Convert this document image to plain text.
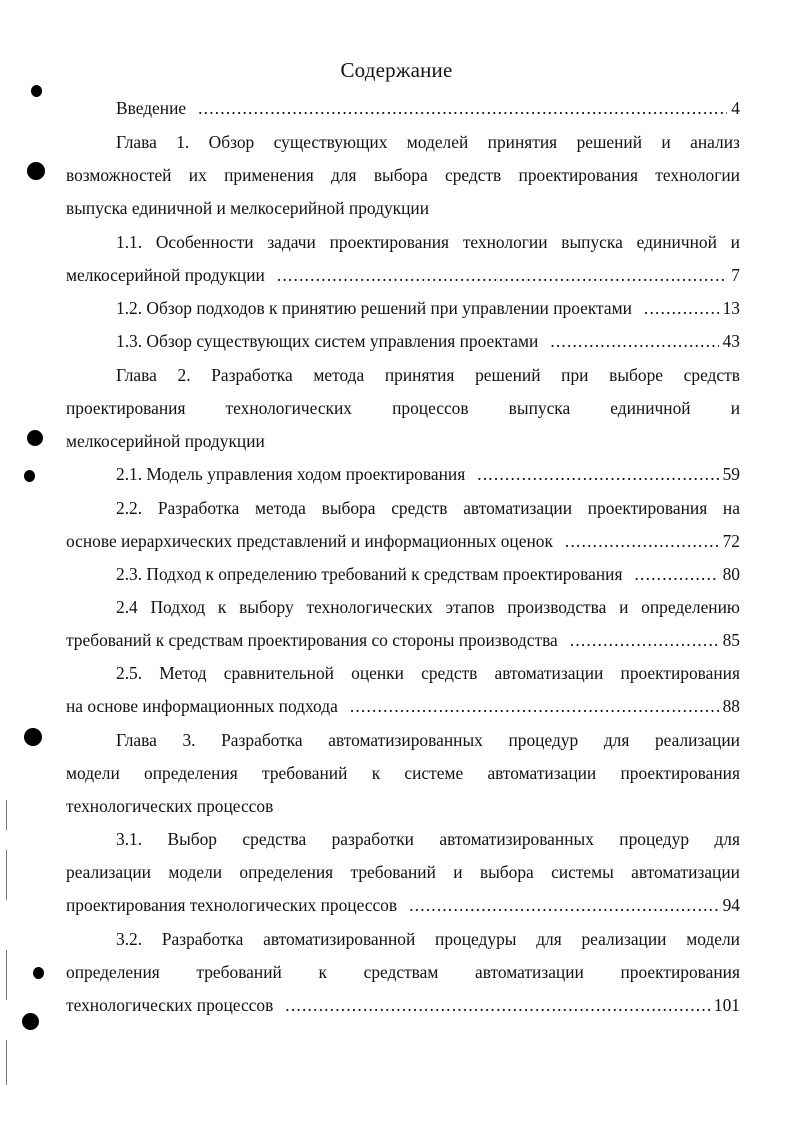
Содержание
Введение .....	4
Глава 1. Обзор существующих моделей принятия решений и анализ
возможностей их применения для выбора средств проектирования технологии
выпуска единичной и мелкосерийной продукции
1.1. Особенности задачи проектирования технологии выпуска единичной и
мелкосерийной продукции .....	7
1.2. Обзор подходов к принятию решений при управлении проектами .....	13
1.3. Обзор существующих систем управления проектами .....	43
Глава 2. Разработка метода принятия решений при выборе средств
проектирования технологических процессов выпуска единичной и
мелкосерийной продукции
2.1. Модель управления ходом проектирования .....	59
2.2. Разработка метода выбора средств автоматизации проектирования на
основе иерархических представлений и информационных оценок .....	72
2.3. Подход к определению требований к средствам проектирования .....	80
2.4 Подход к выбору технологических этапов производства и определению
требований к средствам проектирования со стороны производства .....	85
2.5. Метод сравнительной оценки средств автоматизации проектирования
на основе информационных подхода .....	88
Глава 3. Разработка автоматизированных процедур для реализации
модели определения требований к системе автоматизации проектирования
технологических процессов
3.1. Выбор средства разработки автоматизированных процедур для
реализации модели определения требований и выбора системы автоматизации
проектирования технологических процессов .....	94
3.2. Разработка автоматизированной процедуры для реализации модели
определения требований к средствам автоматизации проектирования
технологических процессов .....	101
